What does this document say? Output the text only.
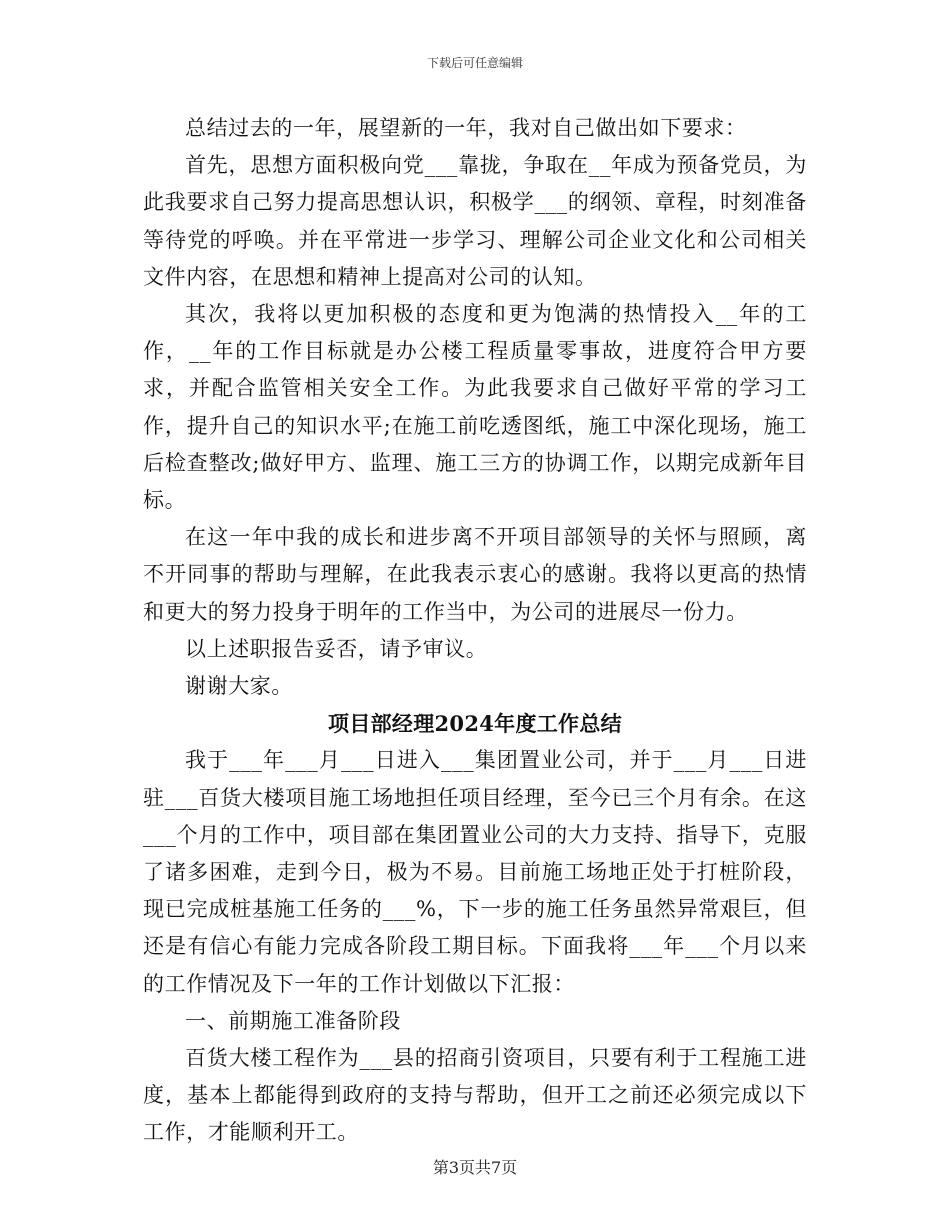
下载后可任意编辑

总结过去的一年，展望新的一年，我对自己做出如下要求：

首先，思想方面积极向党___靠拢，争取在__年成为预备党员，为此我要求自己努力提高思想认识，积极学___的纲领、章程，时刻准备等待党的呼唤。并在平常进一步学习、理解公司企业文化和公司相关文件内容，在思想和精神上提高对公司的认知。

其次，我将以更加积极的态度和更为饱满的热情投入__年的工作，__年的工作目标就是办公楼工程质量零事故，进度符合甲方要求，并配合监管相关安全工作。为此我要求自己做好平常的学习工作，提升自己的知识水平;在施工前吃透图纸，施工中深化现场，施工后检查整改;做好甲方、监理、施工三方的协调工作，以期完成新年目标。

在这一年中我的成长和进步离不开项目部领导的关怀与照顾，离不开同事的帮助与理解，在此我表示衷心的感谢。我将以更高的热情和更大的努力投身于明年的工作当中，为公司的进展尽一份力。

以上述职报告妥否，请予审议。

谢谢大家。

项目部经理2024年度工作总结

我于___年___月___日进入___集团置业公司，并于___月___日进驻___百货大楼项目施工场地担任项目经理，至今已三个月有余。在这___个月的工作中，项目部在集团置业公司的大力支持、指导下，克服了诸多困难，走到今日，极为不易。目前施工场地正处于打桩阶段，现已完成桩基施工任务的___%，下一步的施工任务虽然异常艰巨，但还是有信心有能力完成各阶段工期目标。下面我将___年___个月以来的工作情况及下一年的工作计划做以下汇报：

一、前期施工准备阶段

百货大楼工程作为___县的招商引资项目，只要有利于工程施工进度，基本上都能得到政府的支持与帮助，但开工之前还必须完成以下工作，才能顺利开工。

第3页共7页
